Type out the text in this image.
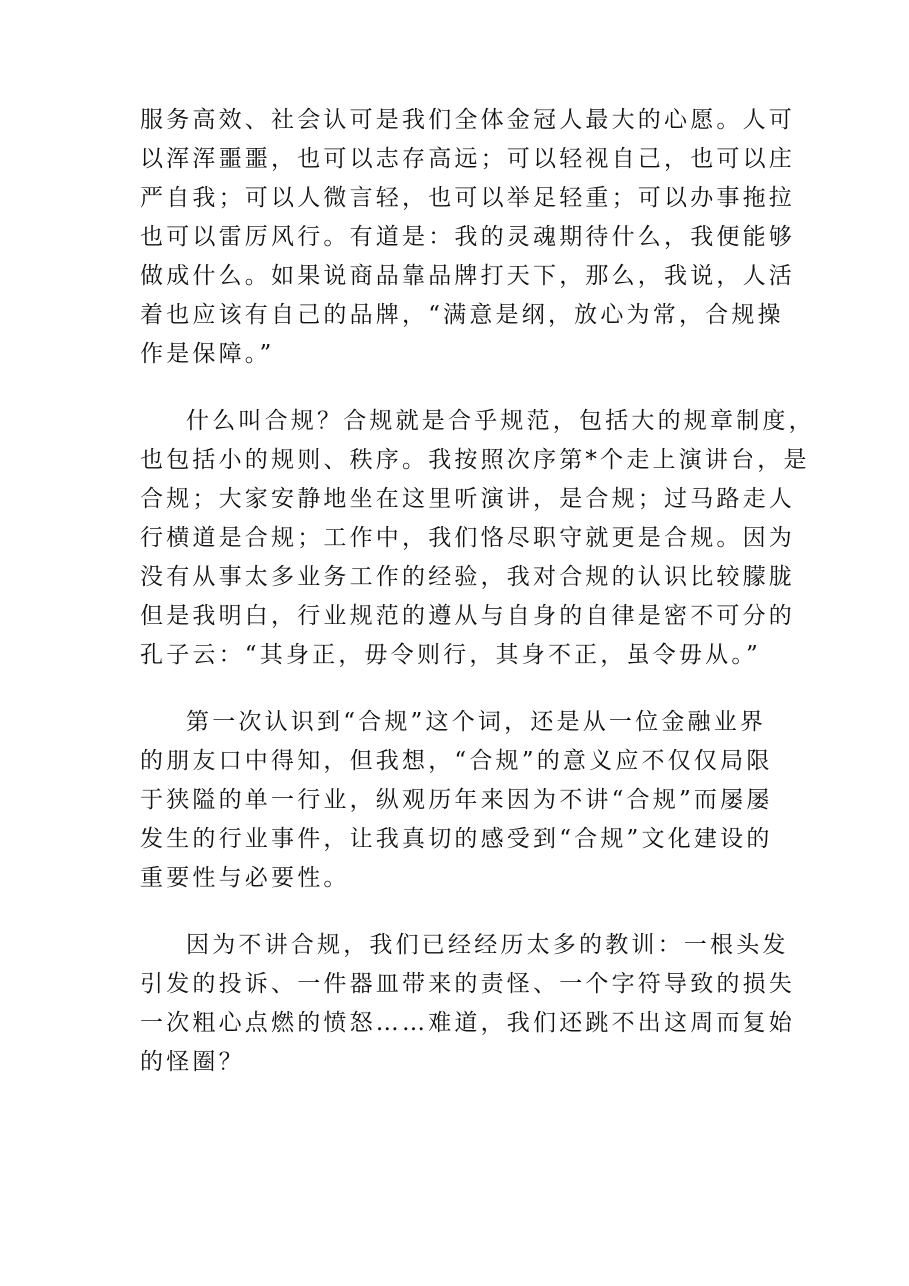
服务高效、社会认可是我们全体金冠人最大的心愿。人可
以浑浑噩噩，也可以志存高远；可以轻视自己，也可以庄
严自我；可以人微言轻，也可以举足轻重；可以办事拖拉
也可以雷厉风行。有道是：我的灵魂期待什么，我便能够
做成什么。如果说商品靠品牌打天下，那么，我说，人活
着也应该有自己的品牌，“满意是纲，放心为常，合规操
作是保障。”
什么叫合规？合规就是合乎规范，包括大的规章制度，
也包括小的规则、秩序。我按照次序第*个走上演讲台，是
合规；大家安静地坐在这里听演讲，是合规；过马路走人
行横道是合规；工作中，我们恪尽职守就更是合规。因为
没有从事太多业务工作的经验，我对合规的认识比较朦胧
但是我明白，行业规范的遵从与自身的自律是密不可分的
孔子云：“其身正，毋令则行，其身不正，虽令毋从。”
第一次认识到“合规”这个词，还是从一位金融业界
的朋友口中得知，但我想，“合规”的意义应不仅仅局限
于狭隘的单一行业，纵观历年来因为不讲“合规”而屡屡
发生的行业事件，让我真切的感受到“合规”文化建设的
重要性与必要性。
因为不讲合规，我们已经经历太多的教训：一根头发
引发的投诉、一件器皿带来的责怪、一个字符导致的损失
一次粗心点燃的愤怒……难道，我们还跳不出这周而复始
的怪圈？
